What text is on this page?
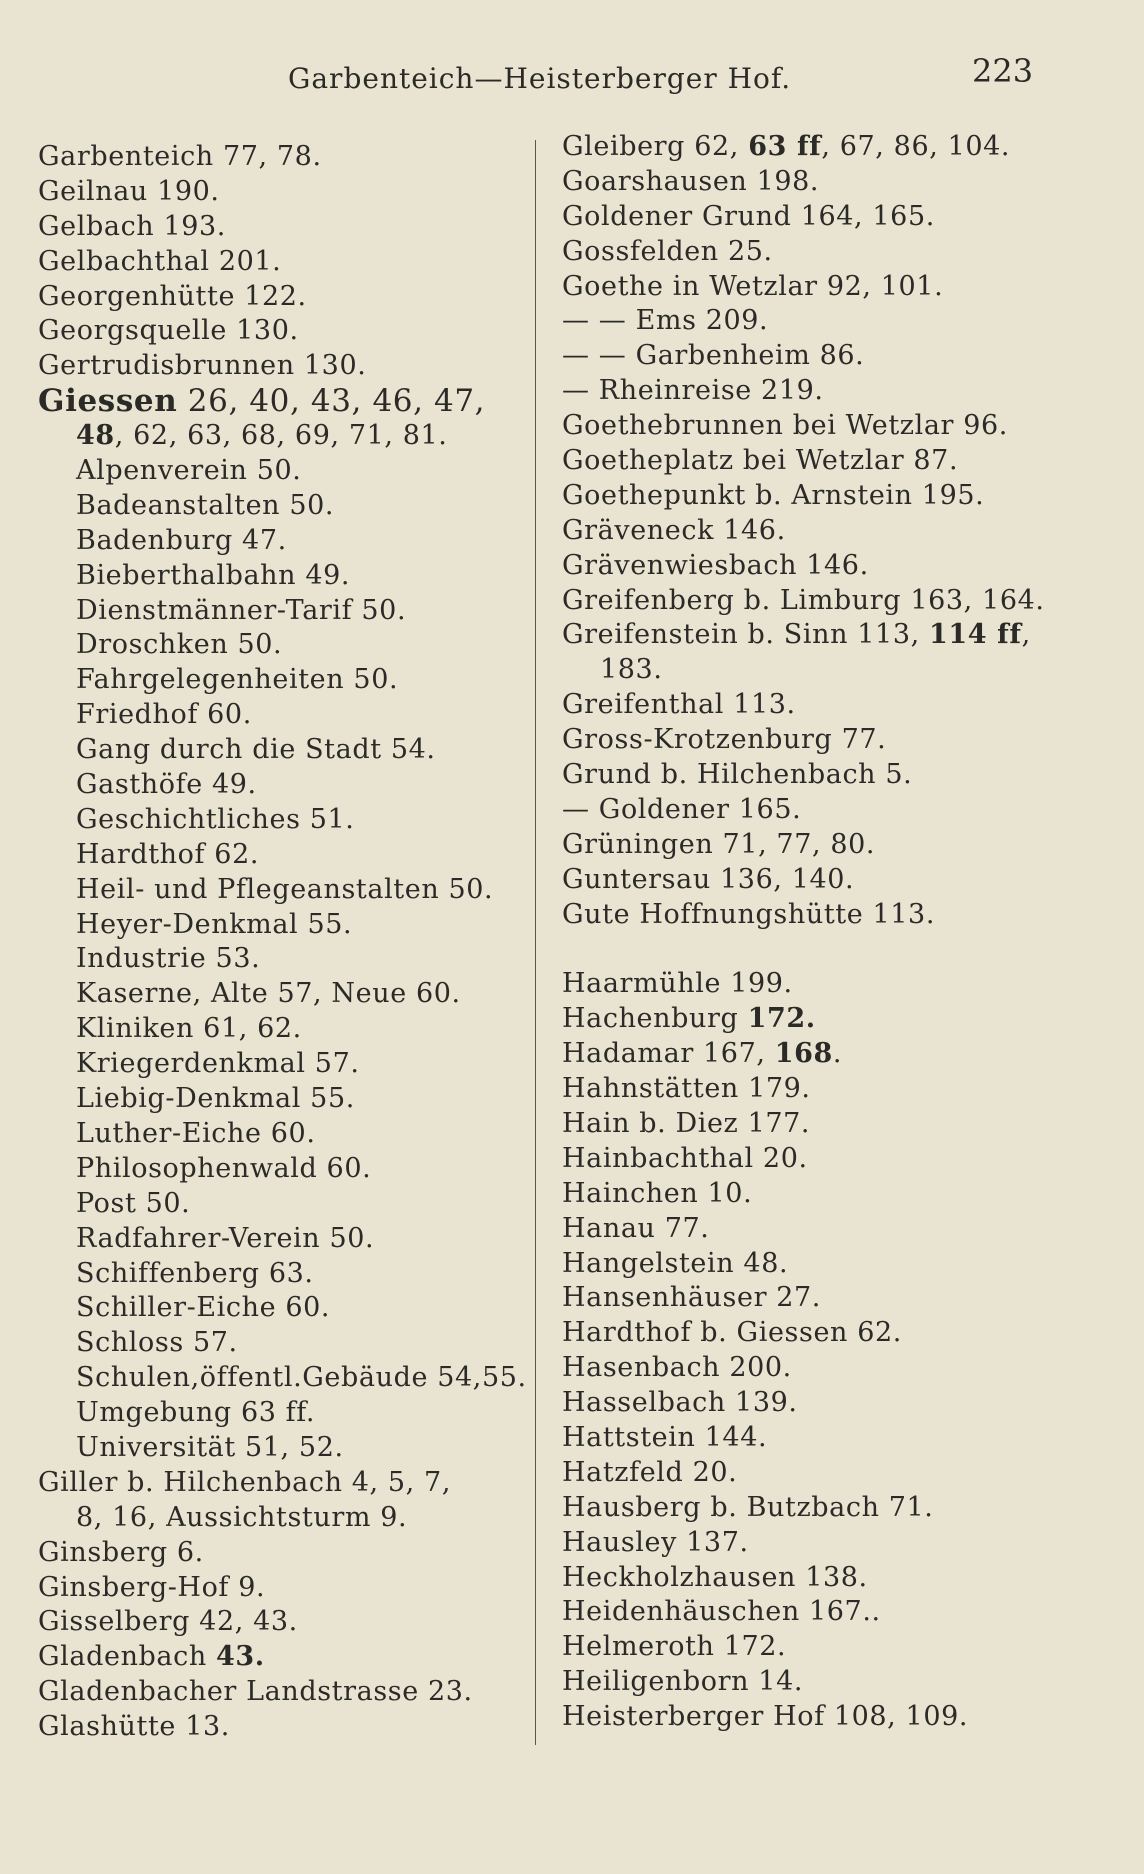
Garbenteich—Heisterberger Hof.	223
Garbenteich 77, 78.
Geilnau 190.
Gelbach 193.
Gelbachthal 201.
Georgenhütte 122.
Georgsquelle 130.
Gertrudisbrunnen 130.
Giessen 26, 40, 43, 46, 47,
48, 62, 63, 68, 69, 71, 81.
Alpenverein 50.
Badeanstalten 50.
Badenburg 47.
Bieberthalbahn 49.
Dienstmänner-Tarif 50.
Droschken 50.
Fahrgelegenheiten 50.
Friedhof 60.
Gang durch die Stadt 54.
Gasthöfe 49.
Geschichtliches 51.
Hardthof 62.
Heil- und Pflegeanstalten 50.
Heyer-Denkmal 55.
Industrie 53.
Kaserne, Alte 57, Neue 60.
Kliniken 61, 62.
Kriegerdenkmal 57.
Liebig-Denkmal 55.
Luther-Eiche 60.
Philosophenwald 60.
Post 50.
Radfahrer-Verein 50.
Schiffenberg 63.
Schiller-Eiche 60.
Schloss 57.
Schulen,öffentl.Gebäude 54,55.
Umgebung 63 ff.
Universität 51, 52.
Giller b. Hilchenbach 4, 5, 7,
8, 16, Aussichtsturm 9.
Ginsberg 6.
Ginsberg-Hof 9.
Gisselberg 42, 43.
Gladenbach 43.
Gladenbacher Landstrasse 23.
Glashütte 13.
Gleiberg 62, 63 ff, 67, 86, 104.
Goarshausen 198.
Goldener Grund 164, 165.
Gossfelden 25.
Goethe in Wetzlar 92, 101.
— — Ems 209.
— — Garbenheim 86.
— Rheinreise 219.
Goethebrunnen bei Wetzlar 96.
Goetheplatz bei Wetzlar 87.
Goethepunkt b. Arnstein 195.
Gräveneck 146.
Grävenwiesbach 146.
Greifenberg b. Limburg 163, 164.
Greifenstein b. Sinn 113, 114 ff,
183.
Greifenthal 113.
Gross-Krotzenburg 77.
Grund b. Hilchenbach 5.
— Goldener 165.
Grüningen 71, 77, 80.
Guntersau 136, 140.
Gute Hoffnungshütte 113.
Haarmühle 199.
Hachenburg 172.
Hadamar 167, 168.
Hahnstätten 179.
Hain b. Diez 177.
Hainbachthal 20.
Hainchen 10.
Hanau 77.
Hangelstein 48.
Hansenhäuser 27.
Hardthof b. Giessen 62.
Hasenbach 200.
Hasselbach 139.
Hattstein 144.
Hatzfeld 20.
Hausberg b. Butzbach 71.
Hausley 137.
Heckholzhausen 138.
Heidenhäuschen 167..
Helmeroth 172.
Heiligenborn 14.
Heisterberger Hof 108, 109.
